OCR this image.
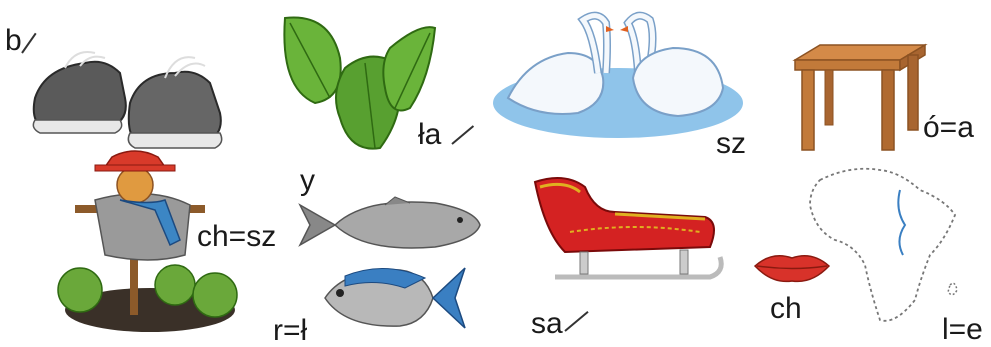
b
ła	sz	ó=a
ch=sz
y
r=ł	sa	ch
l=e
